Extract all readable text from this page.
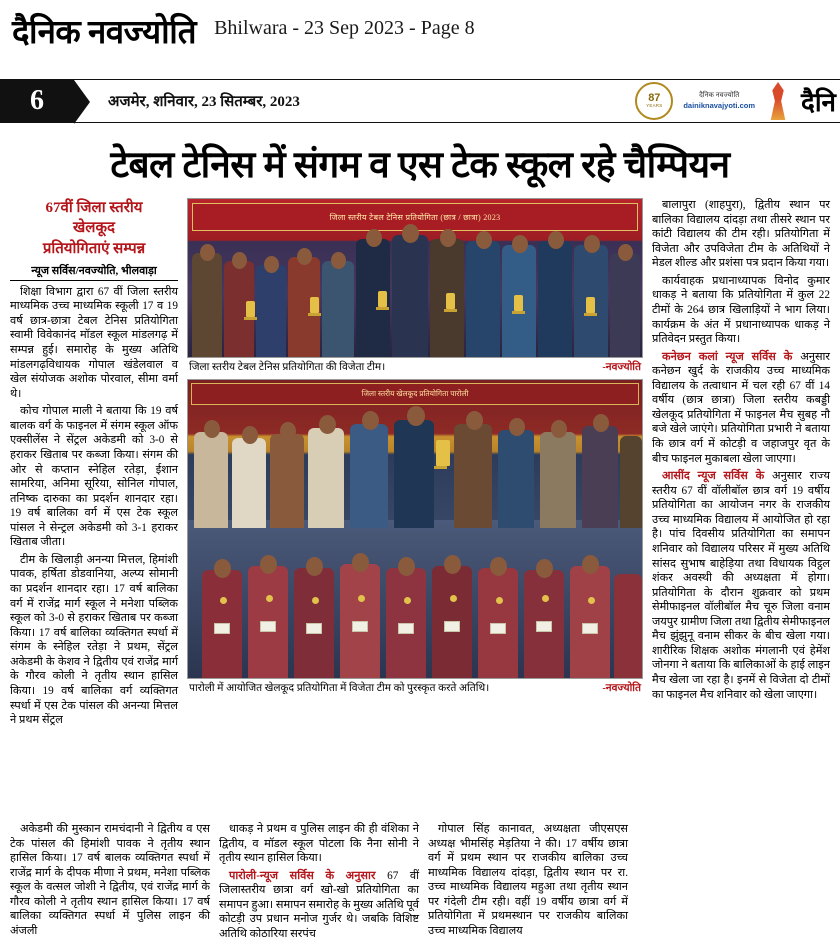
दैनिक नवज्योति Bhilwara - 23 Sep 2023 - Page 8
6	अजमेर, शनिवार, 23 सितम्बर, 2023	87
YEARS
दैनिक नवज्योति
dainiknavajyoti.com दैनि
टेबल टेनिस में संगम व एस टेक स्कूल रहे चैम्पियन
67वीं जिला स्तरीय
खेलकूद
प्रतियोगिताएं सम्पन्न
न्यूज सर्विस/नवज्योति, भीलवाड़ा

शिक्षा विभाग द्वारा 67 वीं जिला स्तरीय माध्यमिक उच्च माध्यमिक स्कूली 17 व 19 वर्ष छात्र-छात्रा टेबल टेनिस प्रतियोगिता स्वामी विवेकानंद मॉडल स्कूल मांडलगढ़ में सम्पन्न हुई। समारोह के मुख्य अतिथि मांडलगढ़विधायक गोपाल खंडेलवाल व खेल संयोजक अशोक पोरवाल, सीमा वर्मा थे।

कोच गोपाल माली ने बताया कि 19 वर्ष बालक वर्ग के फाइनल में संगम स्कूल ऑफ एक्सीलेंस ने सेंट्रल अकेडमी को 3-0 से हराकर खिताब पर कब्जा किया। संगम की ओर से कप्तान स्नेहिल रतेड़ा, ईशान सामरिया, अनिमा सूरिया, सोनिल गोपाल, तनिष्क दारुका का प्रदर्शन शानदार रहा। 19 वर्ष बालिका वर्ग में एस टेक स्कूल पांसल ने सेन्ट्रल अकेडमी को 3-1 हराकर खिताब जीता।

टीम के खिलाड़ी अनन्या मित्तल, हिमांशी पावक, हर्षिता डोडवानिया, अल्प्य सोमानी का प्रदर्शन शानदार रहा। 17 वर्ष बालिका वर्ग में राजेंद्र मार्ग स्कूल ने मनेशा पब्लिक स्कूल को 3-0 से हराकर खिताब पर कब्जा किया। 17 वर्ष बालिका व्यक्तिगत स्पर्धा में संगम के स्नेहिल रतेड़ा ने प्रथम, सेंट्रल अकेडमी के केशव ने द्वितीय एवं राजेंद्र मार्ग के गौरव कोली ने तृतीय स्थान हासिल किया। 19 वर्ष बालिका वर्ग व्यक्तिगत स्पर्धा में एस टेक पांसल की अनन्या मित्तल ने प्रथम सेंट्रल

जिला स्तरीय टेबल टेनिस प्रतियोगिता (छात्र / छात्रा) 2023
जिला स्तरीय टेबल टेनिस प्रतियोगिता की विजेता टीम।	-नवज्योति
जिला स्तरीय खेलकूद प्रतियोगिता पारोली
पारोली में आयोजित खेलकूद प्रतियोगिता में विजेता टीम को पुरस्कृत करते अतिथि।	-नवज्योति

बालापुरा (शाहपुरा), द्वितीय स्थान पर बालिका विद्यालय दांदड़ा तथा तीसरे स्थान पर कांटी विद्यालय की टीम रही। प्रतियोगिता में विजेता और उपविजेता टीम के अतिथियों ने मेडल शील्ड और प्रशंसा पत्र प्रदान किया गया।

कार्यवाहक प्रधानाध्यापक विनोद कुमार धाकड़ ने बताया कि प्रतियोगिता में कुल 22 टीमों के 264 छात्र खिलाड़ियों ने भाग लिया। कार्यक्रम के अंत में प्रधानाध्यापक धाकड़ ने प्रतिवेदन प्रस्तुत किया।

कनेछन कलां न्यूज सर्विस के अनुसार कनेछन खुर्द के राजकीय उच्च माध्यमिक विद्यालय के तत्वाधान में चल रही 67 वीं 14 वर्षीय (छात्र छात्रा) जिला स्तरीय कबड्डी खेलकूद प्रतियोगिता में फाइनल मैच सुबह नौ बजे खेले जाएंगे। प्रतियोगिता प्रभारी ने बताया कि छात्र वर्ग में कोटड़ी व जहाजपुर वृत के बीच फाइनल मुकाबला खेला जाएगा।

आसींद न्यूज सर्विस के अनुसार राज्य स्तरीय 67 वीं वॉलीबॉल छात्र वर्ग 19 वर्षीय प्रतियोगिता का आयोजन नगर के राजकीय उच्च माध्यमिक विद्यालय में आयोजित हो रहा है। पांच दिवसीय प्रतियोगिता का समापन शनिवार को विद्यालय परिसर में मुख्य अतिथि सांसद सुभाष बाहेड़िया तथा विधायक विट्ठल शंकर अवस्थी की अध्यक्षता में होगा। प्रतियोगिता के दौरान शुक्रवार को प्रथम सेमीफाइनल वॉलीबॉल मैच चूरु जिला वनाम जयपुर ग्रामीण जिला तथा द्वितीय सेमीफाइनल मैच झुंझुनू वनाम सीकर के बीच खेला गया। शारीरिक शिक्षक अशोक मंगलानी एवं हेमेंश जोनगा ने बताया कि बालिकाओं के हाई लाइन मैच खेला जा रहा है। इनमें से विजेता दो टीमों का फाइनल मैच शनिवार को खेला जाएगा।

अकेडमी की मुस्कान रामचंदानी ने द्वितीय व एस टेक पांसल की हिमांशी पावक ने तृतीय स्थान हासिल किया। 17 वर्ष बालक व्यक्तिगत स्पर्धा में राजेंद्र मार्ग के दीपक मीणा ने प्रथम, मनेशा पब्लिक स्कूल के वत्सल जोशी ने द्वितीय, एवं राजेंद्र मार्ग के गौरव कोली ने तृतीय स्थान हासिल किया। 17 वर्ष बालिका व्यक्तिगत स्पर्धा में पुलिस लाइन की अंजली

धाकड़ ने प्रथम व पुलिस लाइन की ही वंशिका ने द्वितीय, व मॉडल स्कूल पोटला कि नैना सोनी ने तृतीय स्थान हासिल किया।

पारोली-न्यूज सर्विस के अनुसार 67 वीं जिलास्तरीय छात्रा वर्ग खो-खो प्रतियोगिता का समापन हुआ। समापन समारोह के मुख्य अतिथि पूर्व कोटड़ी उप प्रधान मनोज गुर्जर थे। जबकि विशिष्ट अतिथि कोठारिया सरपंच

गोपाल सिंह कानावत, अध्यक्षता जीएसएस अध्यक्ष भीमसिंह मेड़तिया ने की। 17 वर्षीय छात्रा वर्ग में प्रथम स्थान पर राजकीय बालिका उच्च माध्यमिक विद्यालय दांदड़ा, द्वितीय स्थान पर रा. उच्च माध्यमिक विद्यालय महुआ तथा तृतीय स्थान पर गंदेली टीम रही। वहीं 19 वर्षीय छात्रा वर्ग में प्रतियोगिता में प्रथमस्थान पर राजकीय बालिका उच्च माध्यमिक विद्यालय
